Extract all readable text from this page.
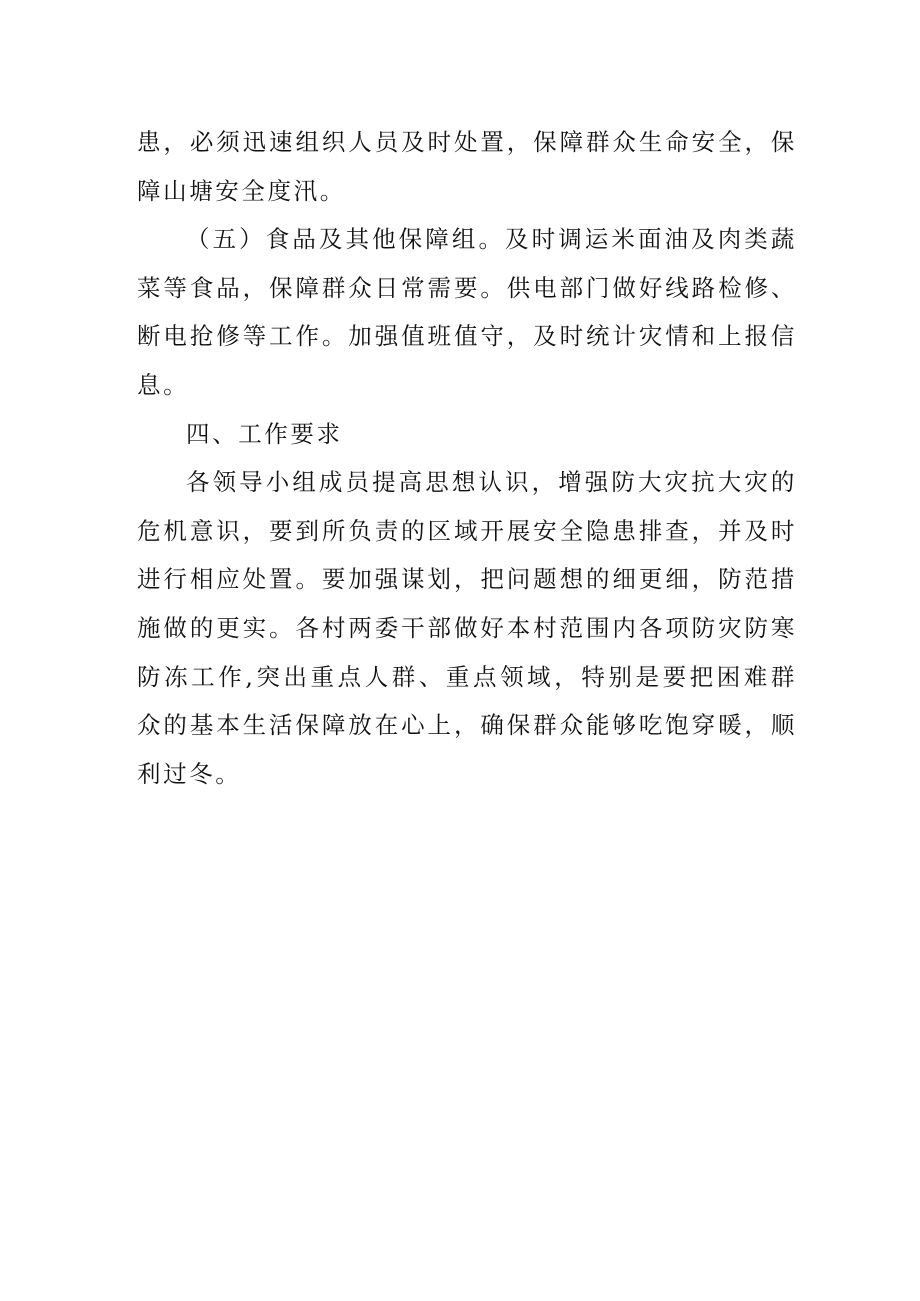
患，必须迅速组织人员及时处置，保障群众生命安全，保障山塘安全度汛。

（五）食品及其他保障组。及时调运米面油及肉类蔬菜等食品，保障群众日常需要。供电部门做好线路检修、断电抢修等工作。加强值班值守，及时统计灾情和上报信息。

四、工作要求

各领导小组成员提高思想认识，增强防大灾抗大灾的危机意识，要到所负责的区域开展安全隐患排查，并及时进行相应处置。要加强谋划，把问题想的细更细，防范措施做的更实。各村两委干部做好本村范围内各项防灾防寒防冻工作,突出重点人群、重点领域，特别是要把困难群众的基本生活保障放在心上，确保群众能够吃饱穿暖，顺利过冬。
